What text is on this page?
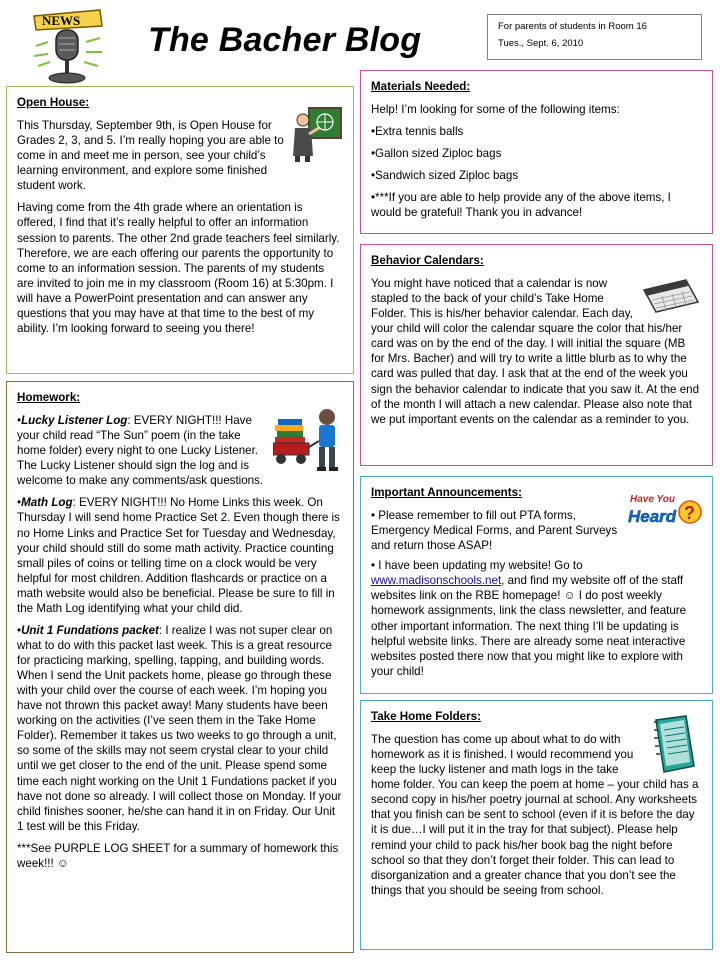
NEWS
The Bacher Blog	For parents of students in Room 16
Tues., Sept. 6, 2010
Open House:

This Thursday, September 9th, is Open House for Grades 2, 3, and 5. I’m really hoping you are able to come in and meet me in person, see your child’s learning environment, and explore some finished student work.

Having come from the 4th grade where an orientation is offered, I find that it’s really helpful to offer an information session to parents. The other 2nd grade teachers feel similarly. Therefore, we are each offering our parents the opportunity to come to an information session. The parents of my students are invited to join me in my classroom (Room 16) at 5:30pm. I will have a PowerPoint presentation and can answer any questions that you may have at that time to the best of my ability. I’m looking forward to seeing you there!

Materials Needed:

Help! I’m looking for some of the following items:

•Extra tennis balls
•Gallon sized Ziploc bags
•Sandwich sized Ziploc bags
•***If you are able to help provide any of the above items, I would be grateful! Thank you in advance!
Behavior Calendars:

You might have noticed that a calendar is now stapled to the back of your child’s Take Home Folder. This is his/her behavior calendar. Each day, your child will color the calendar square the color that his/her card was on by the end of the day. I will initial the square (MB for Mrs. Bacher) and will try to write a little blurb as to why the card was pulled that day. I ask that at the end of the week you sign the behavior calendar to indicate that you saw it. At the end of the month I will attach a new calendar. Please also note that we put important events on the calendar as a reminder to you.

Homework:
•Lucky Listener Log: EVERY NIGHT!!! Have your child read “The Sun” poem (in the take home folder) every night to one Lucky Listener. The Lucky Listener should sign the log and is welcome to make any comments/ask questions.
•Math Log: EVERY NIGHT!!! No Home Links this week. On Thursday I will send home Practice Set 2. Even though there is no Home Links and Practice Set for Tuesday and Wednesday, your child should still do some math activity. Practice counting small piles of coins or telling time on a clock would be very helpful for most children. Addition flashcards or practice on a math website would also be beneficial. Please be sure to fill in the Math Log identifying what your child did.
•Unit 1 Fundations packet: I realize I was not super clear on what to do with this packet last week. This is a great resource for practicing marking, spelling, tapping, and building words. When I send the Unit packets home, please go through these with your child over the course of each week. I’m hoping you have not thrown this packet away! Many students have been working on the activities (I’ve seen them in the Take Home Folder). Remember it takes us two weeks to go through a unit, so some of the skills may not seem crystal clear to your child until we get closer to the end of the unit. Please spend some time each night working on the Unit 1 Fundations packet if you have not done so already. I will collect those on Monday. If your child finishes sooner, he/she can hand it in on Friday. Our Unit 1 test will be this Friday.

***See PURPLE LOG SHEET for a summary of homework this week!!! ☺

Important Announcements:
Have You
Heard ?

• Please remember to fill out PTA forms, Emergency Medical Forms, and Parent Surveys and return those ASAP!

• I have been updating my website! Go to www.madisonschools.net, and find my website off of the staff websites link on the RBE homepage! ☺ I do post weekly homework assignments, link the class newsletter, and feature other important information. The next thing I’ll be updating is helpful website links. There are already some neat interactive websites posted there now that you might like to explore with your child!

Take Home Folders:

The question has come up about what to do with homework as it is finished. I would recommend you keep the lucky listener and math logs in the take home folder. You can keep the poem at home – your child has a second copy in his/her poetry journal at school. Any worksheets that you finish can be sent to school (even if it is before the day it is due…I will put it in the tray for that subject). Please help remind your child to pack his/her book bag the night before school so that they don’t forget their folder. This can lead to disorganization and a greater chance that you don’t see the things that you should be seeing from school.
